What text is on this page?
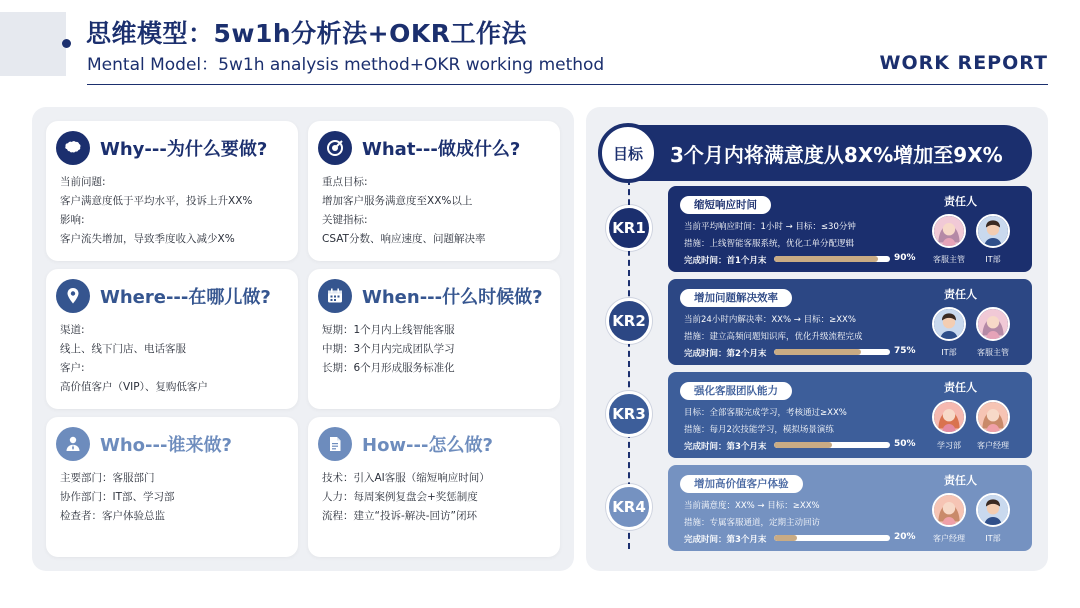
思维模型：5w1h分析法+OKR工作法
Mental Model：5w1h analysis method+OKR working method	WORK REPORT
Why---为什么要做?
当前问题:
客户满意度低于平均水平，投诉上升XX%
影响:
客户流失增加，导致季度收入减少X%
What---做成什么?
重点目标:
增加客户服务满意度至XX%以上
关键指标:
CSAT分数、响应速度、问题解决率
Where---在哪儿做?
渠道:
线上、线下门店、电话客服
客户:
高价值客户（VIP）、复购低客户
When---什么时候做?
短期：1个月内上线智能客服
中期：3个月内完成团队学习
长期：6个月形成服务标准化
Who---谁来做?
主要部门：客服部门
协作部门：IT部、学习部
检查者：客户体验总监
How---怎么做?
技术：引入AI客服（缩短响应时间）
人力：每周案例复盘会+奖惩制度
流程：建立“投诉-解决-回访”闭环
目标	3个月内将满意度从8X%增加至9X%
KR1
缩短响应时间
当前平均响应时间：1小时 → 目标：≤30分钟
措施：上线智能客服系统，优化工单分配逻辑
完成时间：首1个月末	90%
责任人
客服主管	IT部
KR2
增加问题解决效率
当前24小时内解决率：XX% → 目标：≥XX%
措施：建立高频问题知识库，优化升级流程完成
完成时间：第2个月末	75%
责任人
IT部	客服主管
KR3
强化客服团队能力
目标：全部客服完成学习，考核通过≥XX%
措施：每月2次技能学习，模拟场景演练
完成时间：第3个月末	50%
责任人
学习部	客户经理
KR4
增加高价值客户体验
当前满意度：XX% → 目标：≥XX%
措施：专属客服通道，定期主动回访
完成时间：第3个月末	20%
责任人
客户经理	IT部
